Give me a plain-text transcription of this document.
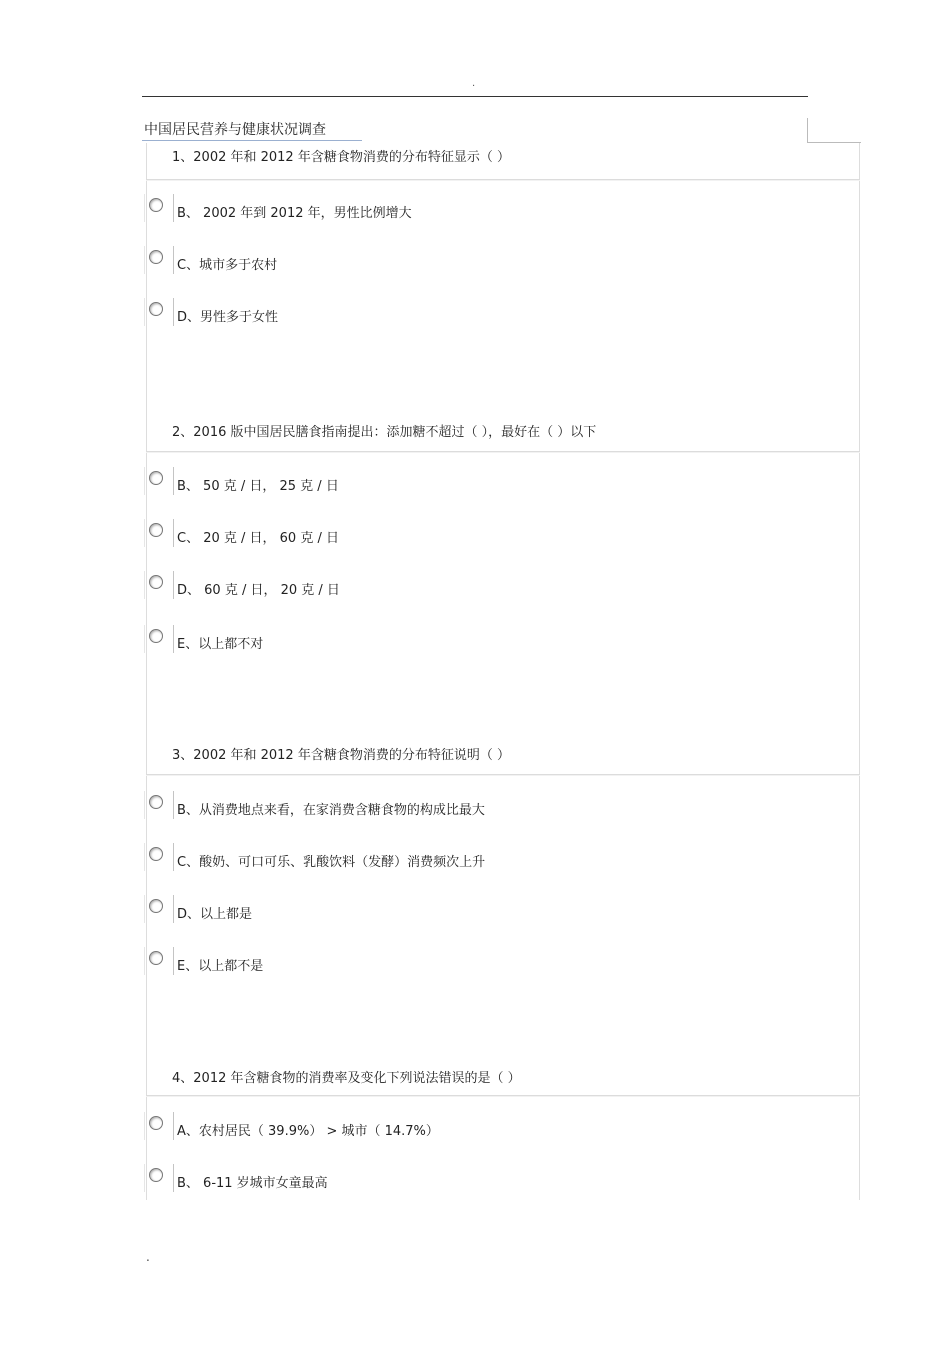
.
中国居民营养与健康状况调查
1、2002 年和 2012 年含糖食物消费的分布特征显示（ ）
B、 2002 年到 2012 年，男性比例增大
C、城市多于农村
D、男性多于女性
2、2016 版中国居民膳食指南提出：添加糖不超过（ ），最好在（ ）以下
B、 50 克 / 日， 25 克 / 日
C、 20 克 / 日， 60 克 / 日
D、 60 克 / 日， 20 克 / 日
E、以上都不对
3、2002 年和 2012 年含糖食物消费的分布特征说明（ ）
B、从消费地点来看，在家消费含糖食物的构成比最大
C、酸奶、可口可乐、乳酸饮料（发酵）消费频次上升
D、以上都是
E、以上都不是
4、2012 年含糖食物的消费率及变化下列说法错误的是（ ）
A、农村居民（ 39.9%） > 城市（ 14.7%）
B、 6-11 岁城市女童最高
.
